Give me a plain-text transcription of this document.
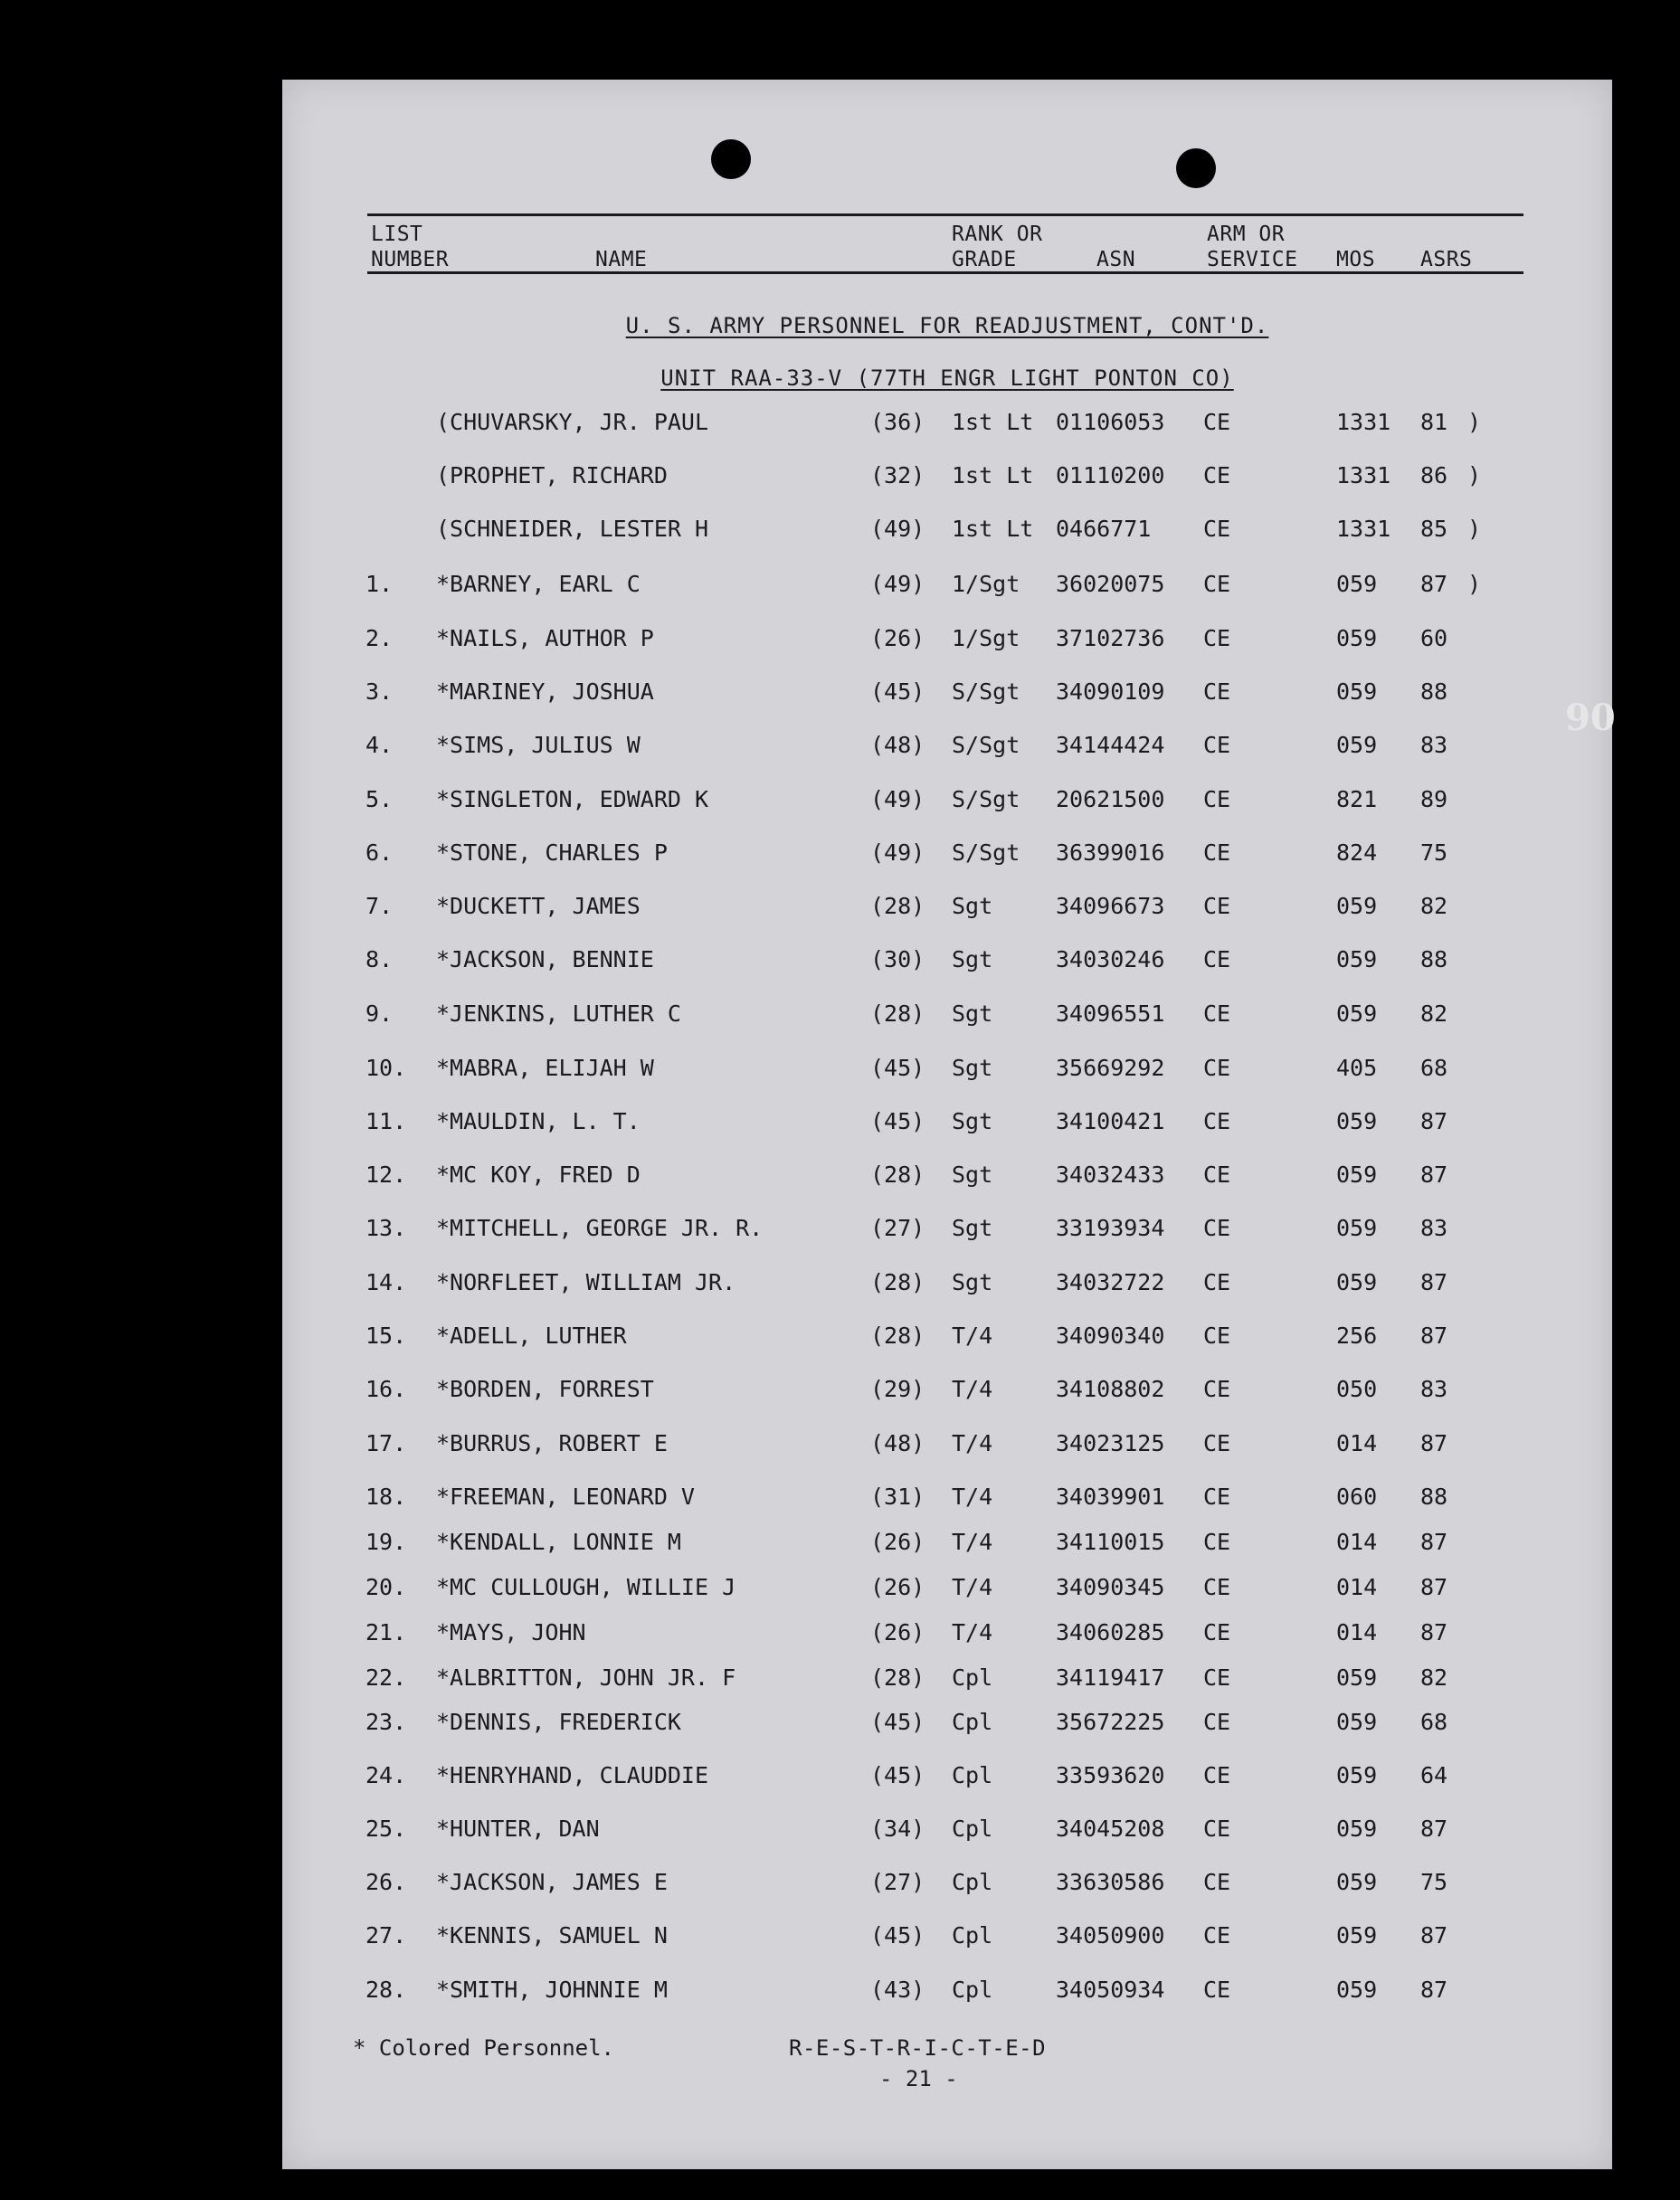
LIST
NUMBER	NAME
RANK OR
GRADE	ASN
ARM OR
SERVICE MOS ASRS
U. S. ARMY PERSONNEL FOR READJUSTMENT, CONT'D.
UNIT RAA-33-V (77TH ENGR LIGHT PONTON CO)
(CHUVARSKY, JR. PAUL	(36) 1st Lt 01106053 CE	1331 81 )
(PROPHET, RICHARD	(32) 1st Lt 01110200 CE	1331 86 )
(SCHNEIDER, LESTER H	(49) 1st Lt 0466771 CE	1331 85 )
1. *BARNEY, EARL C	(49) 1/Sgt 36020075 CE	059 87 )
2. *NAILS, AUTHOR P	(26) 1/Sgt 37102736 CE	059 60
3. *MARINEY, JOSHUA	(45) S/Sgt 34090109 CE	059 88
4. *SIMS, JULIUS W	(48) S/Sgt 34144424 CE	059 83
5. *SINGLETON, EDWARD K	(49) S/Sgt 20621500 CE	821 89
6. *STONE, CHARLES P	(49) S/Sgt 36399016 CE	824 75
7. *DUCKETT, JAMES	(28) Sgt	34096673 CE	059 82
8. *JACKSON, BENNIE	(30) Sgt	34030246 CE	059 88
9. *JENKINS, LUTHER C	(28) Sgt	34096551 CE	059 82
10. *MABRA, ELIJAH W	(45) Sgt	35669292 CE	405 68
11. *MAULDIN, L. T.	(45) Sgt	34100421 CE	059 87
12. *MC KOY, FRED D	(28) Sgt	34032433 CE	059 87
13. *MITCHELL, GEORGE JR. R.	(27) Sgt	33193934 CE	059 83
14. *NORFLEET, WILLIAM JR.	(28) Sgt	34032722 CE	059 87
15. *ADELL, LUTHER	(28) T/4	34090340 CE	256 87
16. *BORDEN, FORREST	(29) T/4	34108802 CE	050 83
17. *BURRUS, ROBERT E	(48) T/4	34023125 CE	014 87
18. *FREEMAN, LEONARD V	(31) T/4	34039901 CE	060 88
19. *KENDALL, LONNIE M	(26) T/4	34110015 CE	014 87
20. *MC CULLOUGH, WILLIE J	(26) T/4	34090345 CE	014 87
21. *MAYS, JOHN	(26) T/4	34060285 CE	014 87
22. *ALBRITTON, JOHN JR. F	(28) Cpl	34119417 CE	059 82
23. *DENNIS, FREDERICK	(45) Cpl	35672225 CE	059 68
24. *HENRYHAND, CLAUDDIE	(45) Cpl	33593620 CE	059 64
25. *HUNTER, DAN	(34) Cpl	34045208 CE	059 87
26. *JACKSON, JAMES E	(27) Cpl	33630586 CE	059 75
27. *KENNIS, SAMUEL N	(45) Cpl	34050900 CE	059 87
28. *SMITH, JOHNNIE M	(43) Cpl	34050934 CE	059 87
* Colored Personnel.	R-E-S-T-R-I-C-T-E-D
- 21 -
90
